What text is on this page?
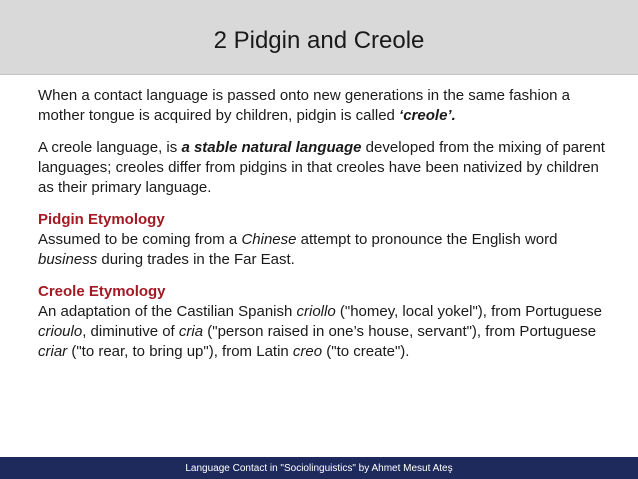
2 Pidgin and Creole

When a contact language is passed onto new generations in the same fashion a mother tongue is acquired by children, pidgin is called ‘creole’.

A creole language, is a stable natural language developed from the mixing of parent languages; creoles differ from pidgins in that creoles have been nativized by children as their primary language.

Pidgin Etymology

Assumed to be coming from a Chinese attempt to pronounce the English word business during trades in the Far East.

Creole Etymology

An adaptation of the Castilian Spanish criollo ("homey, local yokel"), from Portuguese crioulo, diminutive of cria ("person raised in one’s house, servant"), from Portuguese criar ("to rear, to bring up"), from Latin creo ("to create").

Language Contact in "Sociolinguistics" by Ahmet Mesut Ateş
